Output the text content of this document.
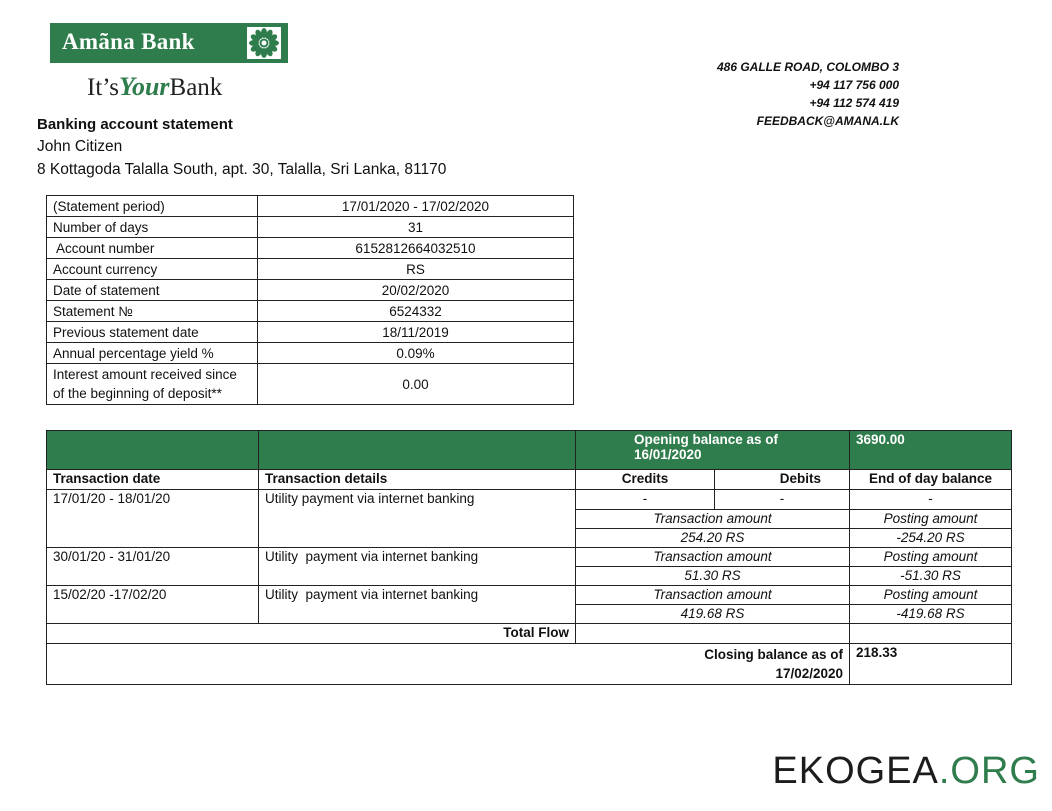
Amãna Bank
It’sYourBank
486 GALLE ROAD, COLOMBO 3
+94 117 756 000
+94 112 574 419
FEEDBACK@AMANA.LK
Banking account statement
John Citizen
8 Kottagoda Talalla South, apt. 30, Talalla, Sri Lanka, 81170
(Statement period)	17/01/2020 - 17/02/2020
Number of days	31
Account number	6152812664032510
Account currency	RS
Date of statement	20/02/2020
Statement №	6524332
Previous statement date	18/11/2019
Annual percentage yield %	0.09%
Interest amount received since of the beginning of deposit**	0.00
		Opening balance as of 16/01/2020		3690.00
Transaction date	Transaction details	Credits	Debits	End of day balance
17/01/20 - 18/01/20	Utility payment via internet banking	-	-	-
		Transaction amount		Posting amount
		254.20 RS		-254.20 RS
30/01/20 - 31/01/20	Utility  payment via internet banking	Transaction amount		Posting amount
		51.30 RS		-51.30 RS
15/02/20 -17/02/20	Utility  payment via internet banking	Transaction amount		Posting amount
		419.68 RS		-419.68 RS
Total Flow				
Closing balance as of 17/02/2020				218.33
EKOGEA.ORG
